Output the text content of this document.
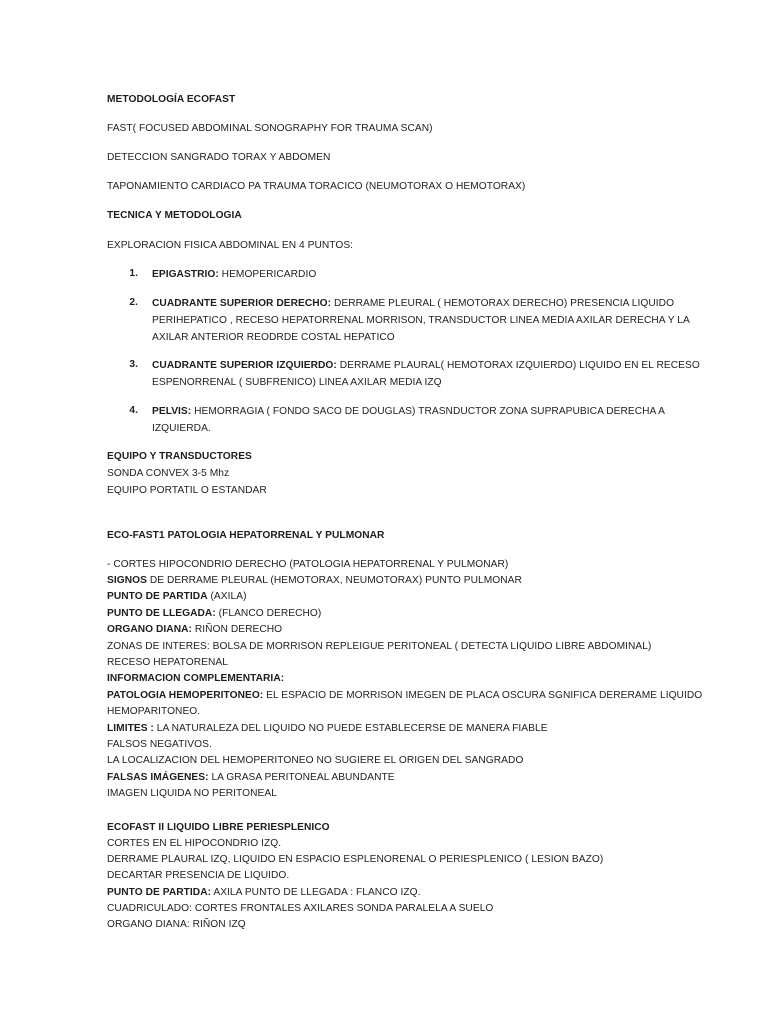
METODOLOGÍA ECOFAST
FAST( FOCUSED ABDOMINAL SONOGRAPHY FOR TRAUMA SCAN)
DETECCION SANGRADO TORAX Y ABDOMEN
TAPONAMIENTO CARDIACO PA TRAUMA TORACICO (NEUMOTORAX O HEMOTORAX)
TECNICA Y METODOLOGIA
EXPLORACION FISICA ABDOMINAL EN 4 PUNTOS:
1. EPIGASTRIO: HEMOPERICARDIO
2. CUADRANTE SUPERIOR DERECHO: DERRAME PLEURAL ( HEMOTORAX DERECHO) PRESENCIA LIQUIDO
PERIHEPATICO , RECESO HEPATORRENAL MORRISON, TRANSDUCTOR LINEA MEDIA AXILAR DERECHA Y LA
AXILAR ANTERIOR REODRDE COSTAL HEPATICO
3. CUADRANTE SUPERIOR IZQUIERDO: DERRAME PLAURAL( HEMOTORAX IZQUIERDO) LIQUIDO EN EL RECESO
ESPENORRENAL ( SUBFRENICO) LINEA AXILAR MEDIA IZQ
4. PELVIS: HEMORRAGIA ( FONDO SACO DE DOUGLAS) TRASNDUCTOR ZONA SUPRAPUBICA DERECHA A
IZQUIERDA.
EQUIPO Y TRANSDUCTORES
SONDA CONVEX 3-5 Mhz
EQUIPO PORTATIL O ESTANDAR
ECO-FAST1 PATOLOGIA HEPATORRENAL Y PULMONAR
- CORTES HIPOCONDRIO DERECHO (PATOLOGIA HEPATORRENAL Y PULMONAR)
SIGNOS DE DERRAME PLEURAL (HEMOTORAX, NEUMOTORAX) PUNTO PULMONAR
PUNTO DE PARTIDA (AXILA)
PUNTO DE LLEGADA: (FLANCO DERECHO)
ORGANO DIANA: RIÑON DERECHO
ZONAS DE INTERES: BOLSA DE MORRISON REPLEIGUE PERITONEAL ( DETECTA LIQUIDO LIBRE ABDOMINAL)
RECESO HEPATORENAL
INFORMACION COMPLEMENTARIA:
PATOLOGIA HEMOPERITONEO: EL ESPACIO DE MORRISON IMEGEN DE PLACA OSCURA SGNIFICA DERERAME LIQUIDO
HEMOPARITONEO.
LIMITES : LA NATURALEZA DEL LIQUIDO NO PUEDE ESTABLECERSE DE MANERA FIABLE
FALSOS NEGATIVOS.
LA LOCALIZACION DEL HEMOPERITONEO NO SUGIERE EL ORIGEN DEL SANGRADO
FALSAS IMÁGENES: LA GRASA PERITONEAL ABUNDANTE
IMAGEN LIQUIDA NO PERITONEAL
ECOFAST II LIQUIDO LIBRE PERIESPLENICO
CORTES EN EL HIPOCONDRIO IZQ.
DERRAME PLAURAL IZQ, LIQUIDO EN ESPACIO ESPLENORENAL O PERIESPLENICO ( LESION BAZO)
DECARTAR PRESENCIA DE LIQUIDO.
PUNTO DE PARTIDA: AXILA PUNTO DE LLEGADA : FLANCO IZQ.
CUADRICULADO: CORTES FRONTALES AXILARES SONDA PARALELA A SUELO
ORGANO DIANA: RIÑON IZQ
